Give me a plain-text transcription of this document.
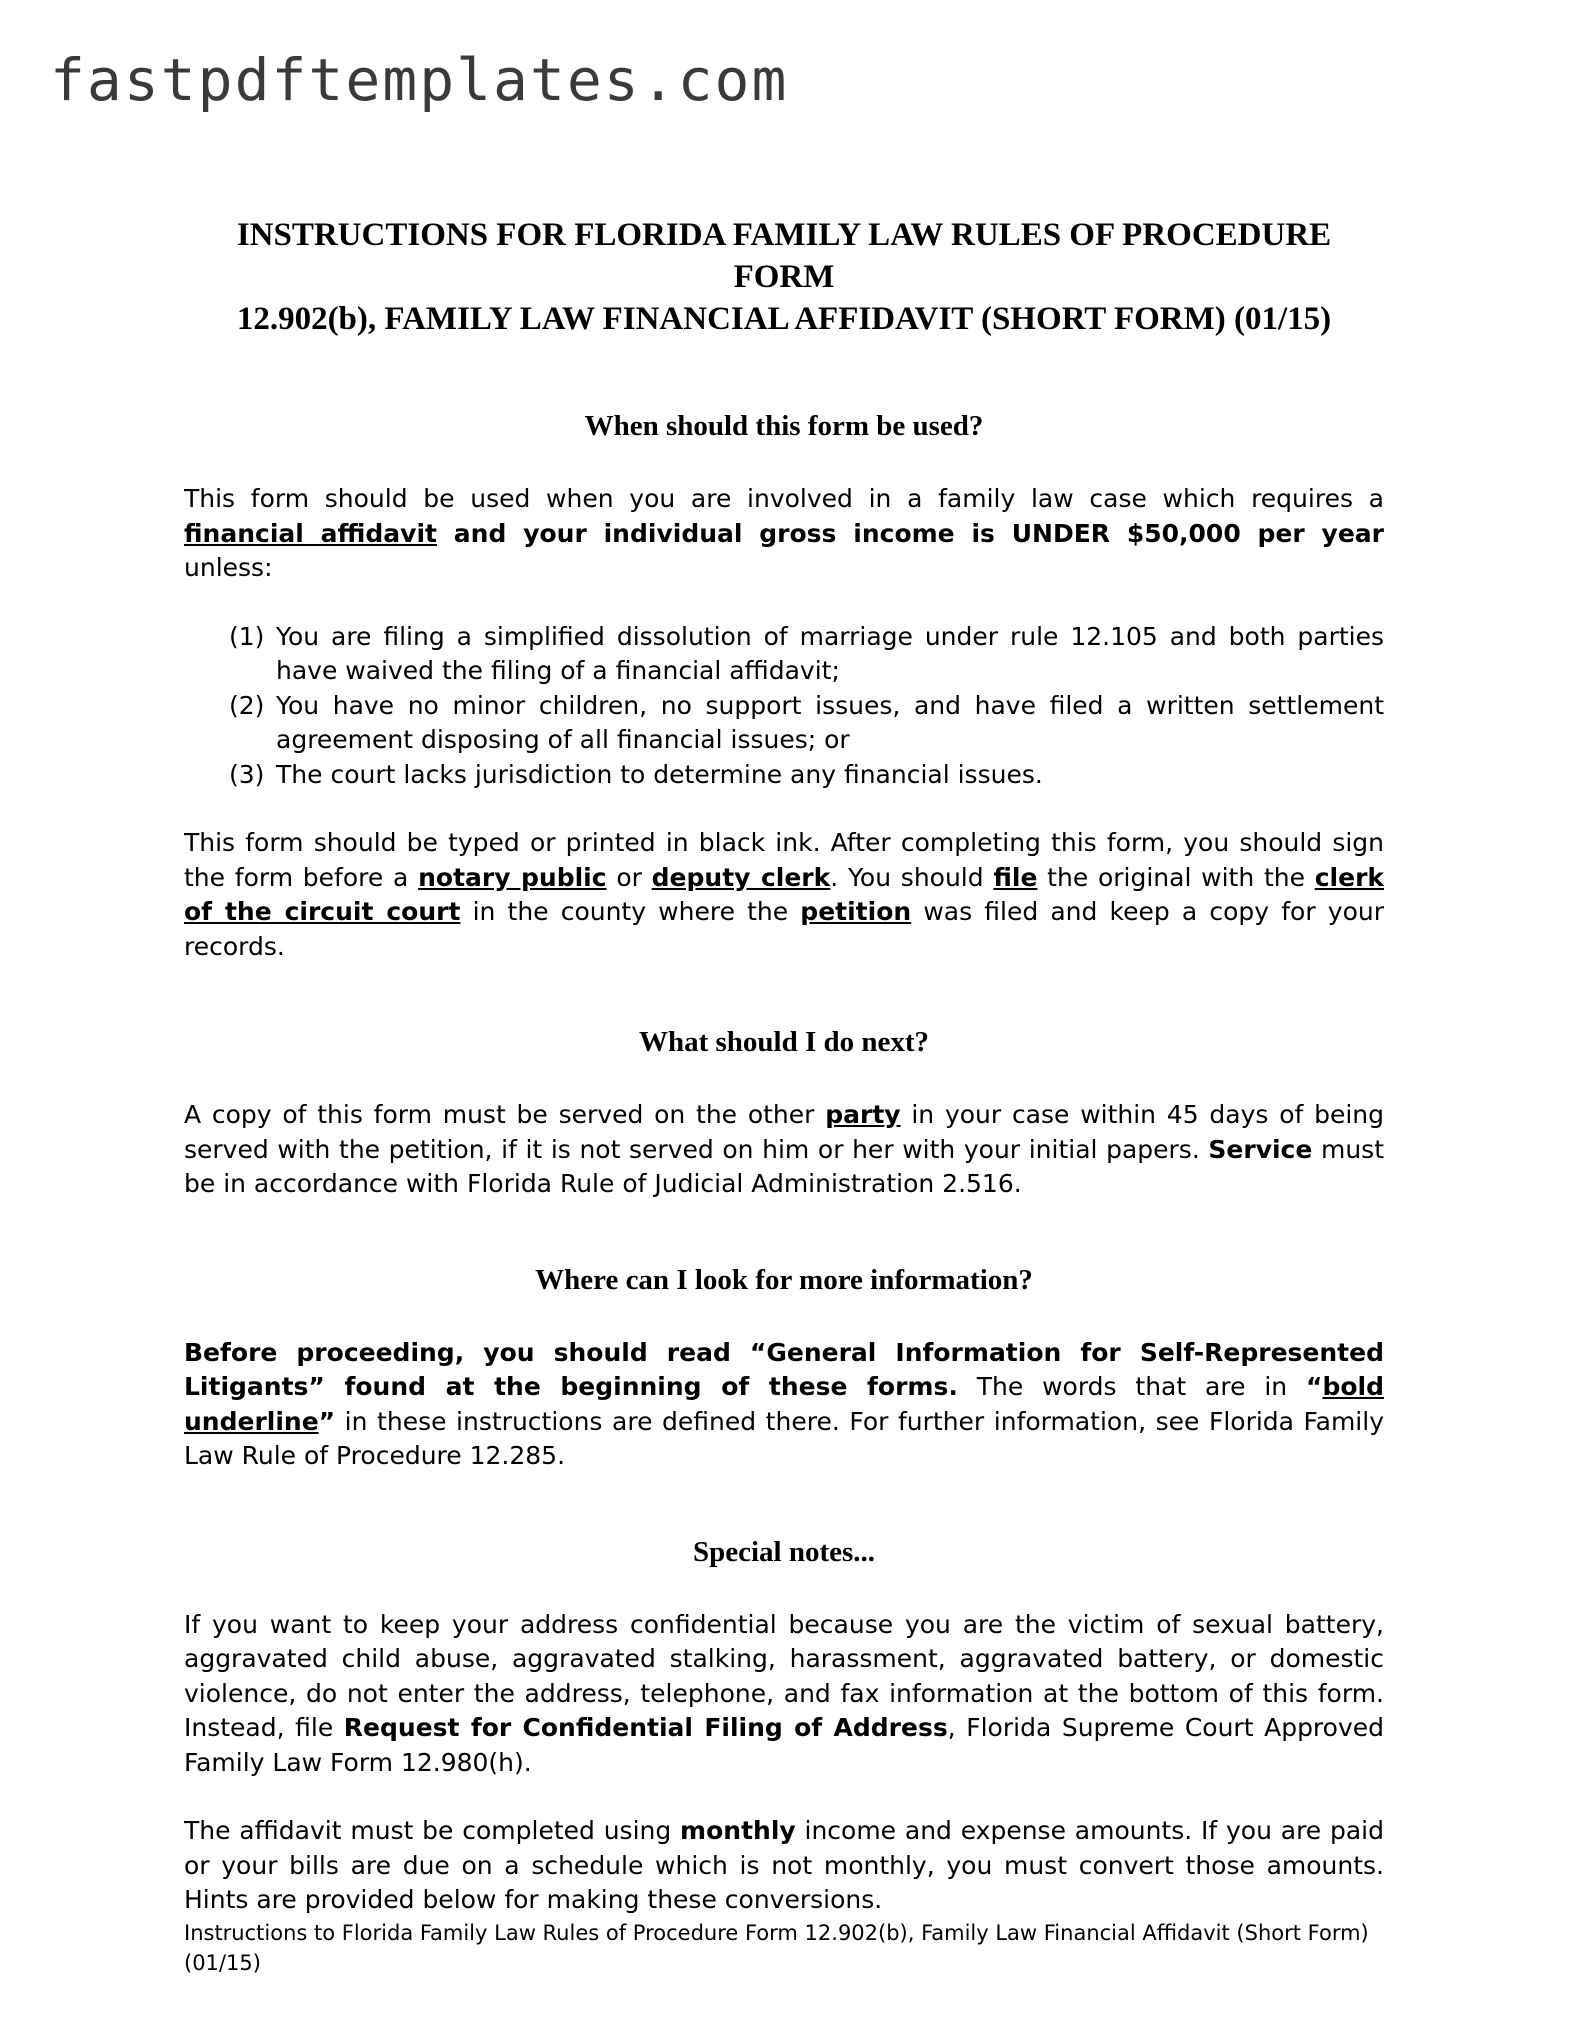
fastpdftemplates.com
INSTRUCTIONS FOR FLORIDA FAMILY LAW RULES OF PROCEDURE FORM
12.902(b), FAMILY LAW FINANCIAL AFFIDAVIT (SHORT FORM) (01/15)
When should this form be used?

This form should be used when you are involved in a family law case which requires a financial affidavit and your individual gross income is UNDER $50,000 per year unless:

(1) You are filing a simplified dissolution of marriage under rule 12.105 and both parties have waived the filing of a financial affidavit;
(2) You have no minor children, no support issues, and have filed a written settlement agreement disposing of all financial issues; or
(3) The court lacks jurisdiction to determine any financial issues.

This form should be typed or printed in black ink. After completing this form, you should sign the form before a notary public or deputy clerk. You should file the original with the clerk of the circuit court in the county where the petition was filed and keep a copy for your records.

What should I do next?

A copy of this form must be served on the other party in your case within 45 days of being served with the petition, if it is not served on him or her with your initial papers. Service must be in accordance with Florida Rule of Judicial Administration 2.516.

Where can I look for more information?

Before proceeding, you should read “General Information for Self-Represented Litigants” found at the beginning of these forms. The words that are in “bold underline” in these instructions are defined there. For further information, see Florida Family Law Rule of Procedure 12.285.

Special notes...

If you want to keep your address confidential because you are the victim of sexual battery, aggravated child abuse, aggravated stalking, harassment, aggravated battery, or domestic violence, do not enter the address, telephone, and fax information at the bottom of this form. Instead, file Request for Confidential Filing of Address, Florida Supreme Court Approved Family Law Form 12.980(h).

The affidavit must be completed using monthly income and expense amounts. If you are paid or your bills are due on a schedule which is not monthly, you must convert those amounts. Hints are provided below for making these conversions.

Instructions to Florida Family Law Rules of Procedure Form 12.902(b), Family Law Financial Affidavit (Short Form) (01/15)
